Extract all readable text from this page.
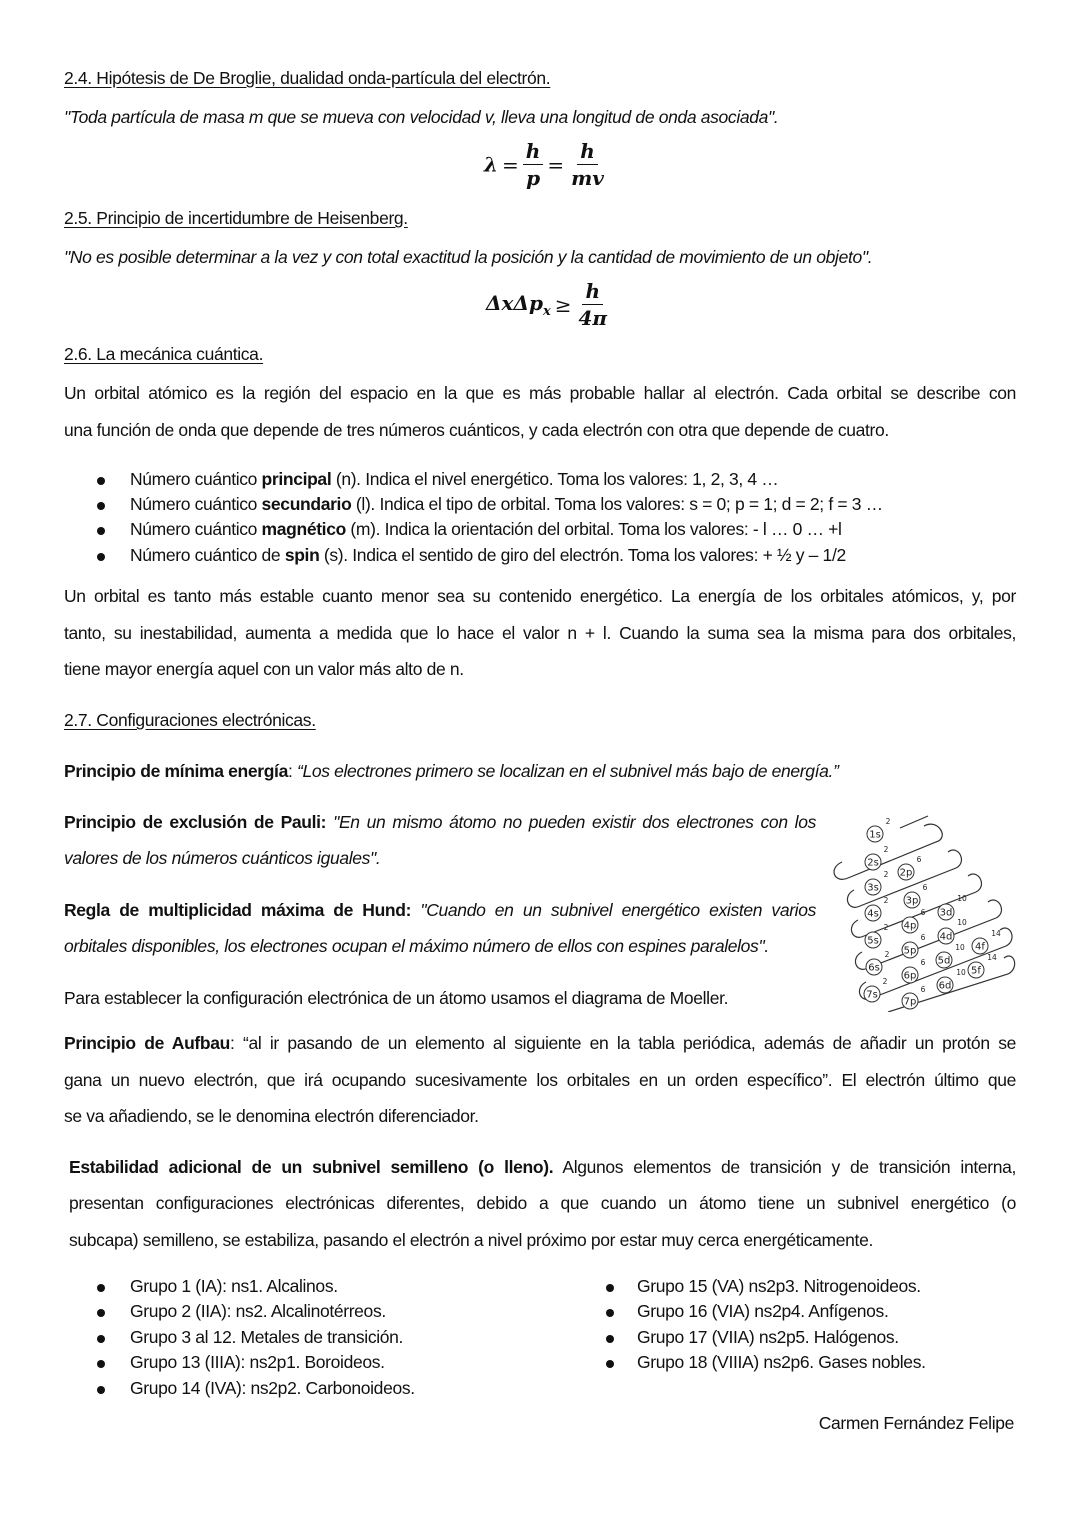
2.4. Hipótesis de De Broglie, dualidad onda-partícula del electrón.
"Toda partícula de masa m que se mueva con velocidad v, lleva una longitud de onda asociada".
$\lambda = \frac{h}{p} = \frac{h}{mv}$
2.5. Principio de incertidumbre de Heisenberg.
"No es posible determinar a la vez y con total exactitud la posición y la cantidad de movimiento de un objeto".
$\Delta x\Delta p_x \ge \frac{h}{4\pi}$
2.6. La mecánica cuántica.
Un orbital atómico es la región del espacio en la que es más probable hallar al electrón. Cada orbital se describe con
una función de onda que depende de tres números cuánticos, y cada electrón con otra que depende de cuatro.
Número cuántico principal (n). Indica el nivel energético. Toma los valores: 1, 2, 3, 4 …
Número cuántico secundario (l). Indica el tipo de orbital. Toma los valores: s = 0; p = 1; d = 2; f = 3 …
Número cuántico magnético (m). Indica la orientación del orbital. Toma los valores: - l … 0 … +l
Número cuántico de spin (s). Indica el sentido de giro del electrón. Toma los valores: + ½ y – 1/2
Un orbital es tanto más estable cuanto menor sea su contenido energético. La energía de los orbitales atómicos, y, por
tanto, su inestabilidad, aumenta a medida que lo hace el valor n + l. Cuando la suma sea la misma para dos orbitales,
tiene mayor energía aquel con un valor más alto de n.
2.7. Configuraciones electrónicas.
Principio de mínima energía: “Los electrones primero se localizan en el subnivel más bajo de energía.”
Principio de exclusión de Pauli: "En un mismo átomo no pueden existir dos electrones con los
valores de los números cuánticos iguales".
Regla de multiplicidad máxima de Hund: "Cuando en un subnivel energético existen varios
orbitales disponibles, los electrones ocupan el máximo número de ellos con espines paralelos".
Para establecer la configuración electrónica de un átomo usamos el diagrama de Moeller.
1s
2
2s
2
2p
6
3s
2
3p
6
3d
10
4s
2
4p
6
4d
10
4f
14
5s
2
5p
6
5d
10
5f
14
6s
2
6p
6
6d
10
7s
2
7p
6
Principio de Aufbau: “al ir pasando de un elemento al siguiente en la tabla periódica, además de añadir un protón se
gana un nuevo electrón, que irá ocupando sucesivamente los orbitales en un orden específico”. El electrón último que
se va añadiendo, se le denomina electrón diferenciador.
Estabilidad adicional de un subnivel semilleno (o lleno). Algunos elementos de transición y de transición interna,
presentan configuraciones electrónicas diferentes, debido a que cuando un átomo tiene un subnivel energético (o
subcapa) semilleno, se estabiliza, pasando el electrón a nivel próximo por estar muy cerca energéticamente.
Grupo 1 (IA): ns1. Alcalinos.
Grupo 2 (IIA): ns2. Alcalinotérreos.
Grupo 3 al 12. Metales de transición.
Grupo 13 (IIIA): ns2p1. Boroideos.
Grupo 14 (IVA): ns2p2. Carbonoideos.
Grupo 15 (VA) ns2p3. Nitrogenoideos.
Grupo 16 (VIA) ns2p4. Anfígenos.
Grupo 17 (VIIA) ns2p5. Halógenos.
Grupo 18 (VIIIA) ns2p6. Gases nobles.
Carmen Fernández Felipe
